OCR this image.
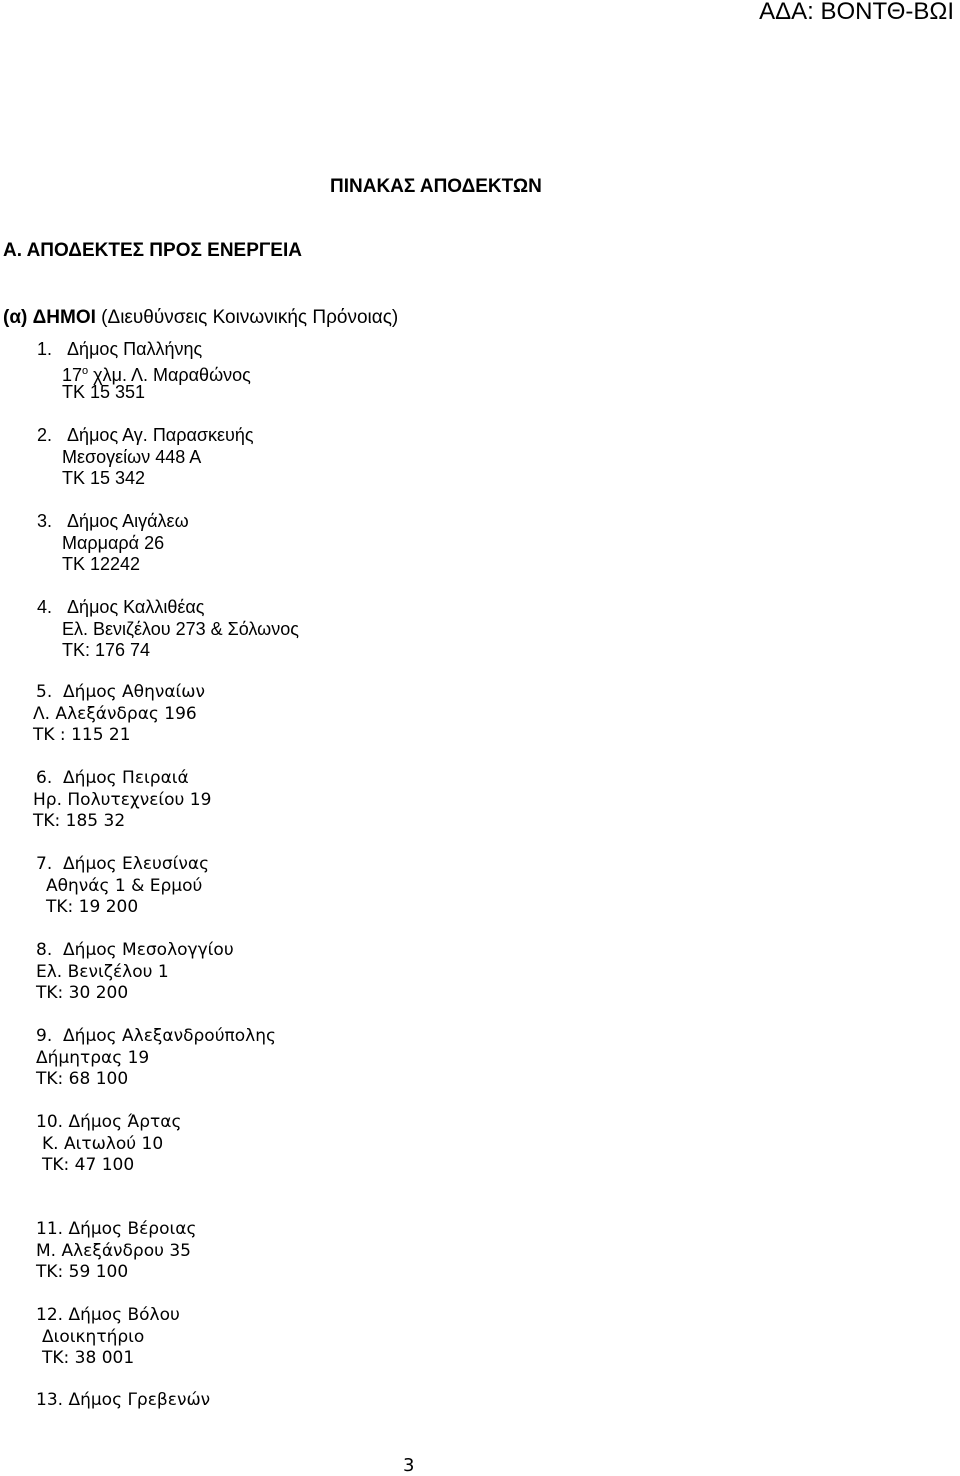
ΑΔΑ: ΒΟΝΤΘ-ΒΩΙ
ΠΙΝΑΚΑΣ ΑΠΟΔΕΚΤΩΝ
Α. ΑΠΟΔΕΚΤΕΣ ΠΡΟΣ ΕΝΕΡΓΕΙΑ
(α) ΔΗΜΟΙ (Διευθύνσεις Κοινωνικής Πρόνοιας)
1. Δήμος Παλλήνης
$17^o$ χλμ. Λ. Μαραθώνος
ΤΚ 15 351
2. Δήμος Αγ. Παρασκευής
Μεσογείων 448 Α
ΤΚ 15 342
3. Δήμος Αιγάλεω
Μαρμαρά 26
ΤΚ 12242
4. Δήμος Καλλιθέας
Ελ. Βενιζέλου 273 & Σόλωνος
ΤΚ: 176 74
5. Δήμος Αθηναίων
Λ. Αλεξάνδρας 196
ΤΚ : 115 21
6. Δήμος Πειραιά
Ηρ. Πολυτεχνείου 19
ΤΚ: 185 32
7. Δήμος Ελευσίνας
Αθηνάς 1 & Ερμού
ΤΚ: 19 200
8. Δήμος Μεσολογγίου
Ελ. Βενιζέλου 1
ΤΚ: 30 200
9. Δήμος Αλεξανδρούπολης
Δήμητρας 19
ΤΚ: 68 100
10. Δήμος Άρτας
Κ. Αιτωλού 10
ΤΚ: 47 100
11. Δήμος Βέροιας
Μ. Αλεξάνδρου 35
ΤΚ: 59 100
12. Δήμος Βόλου
Διοικητήριο
ΤΚ: 38 001
13. Δήμος Γρεβενών
3
